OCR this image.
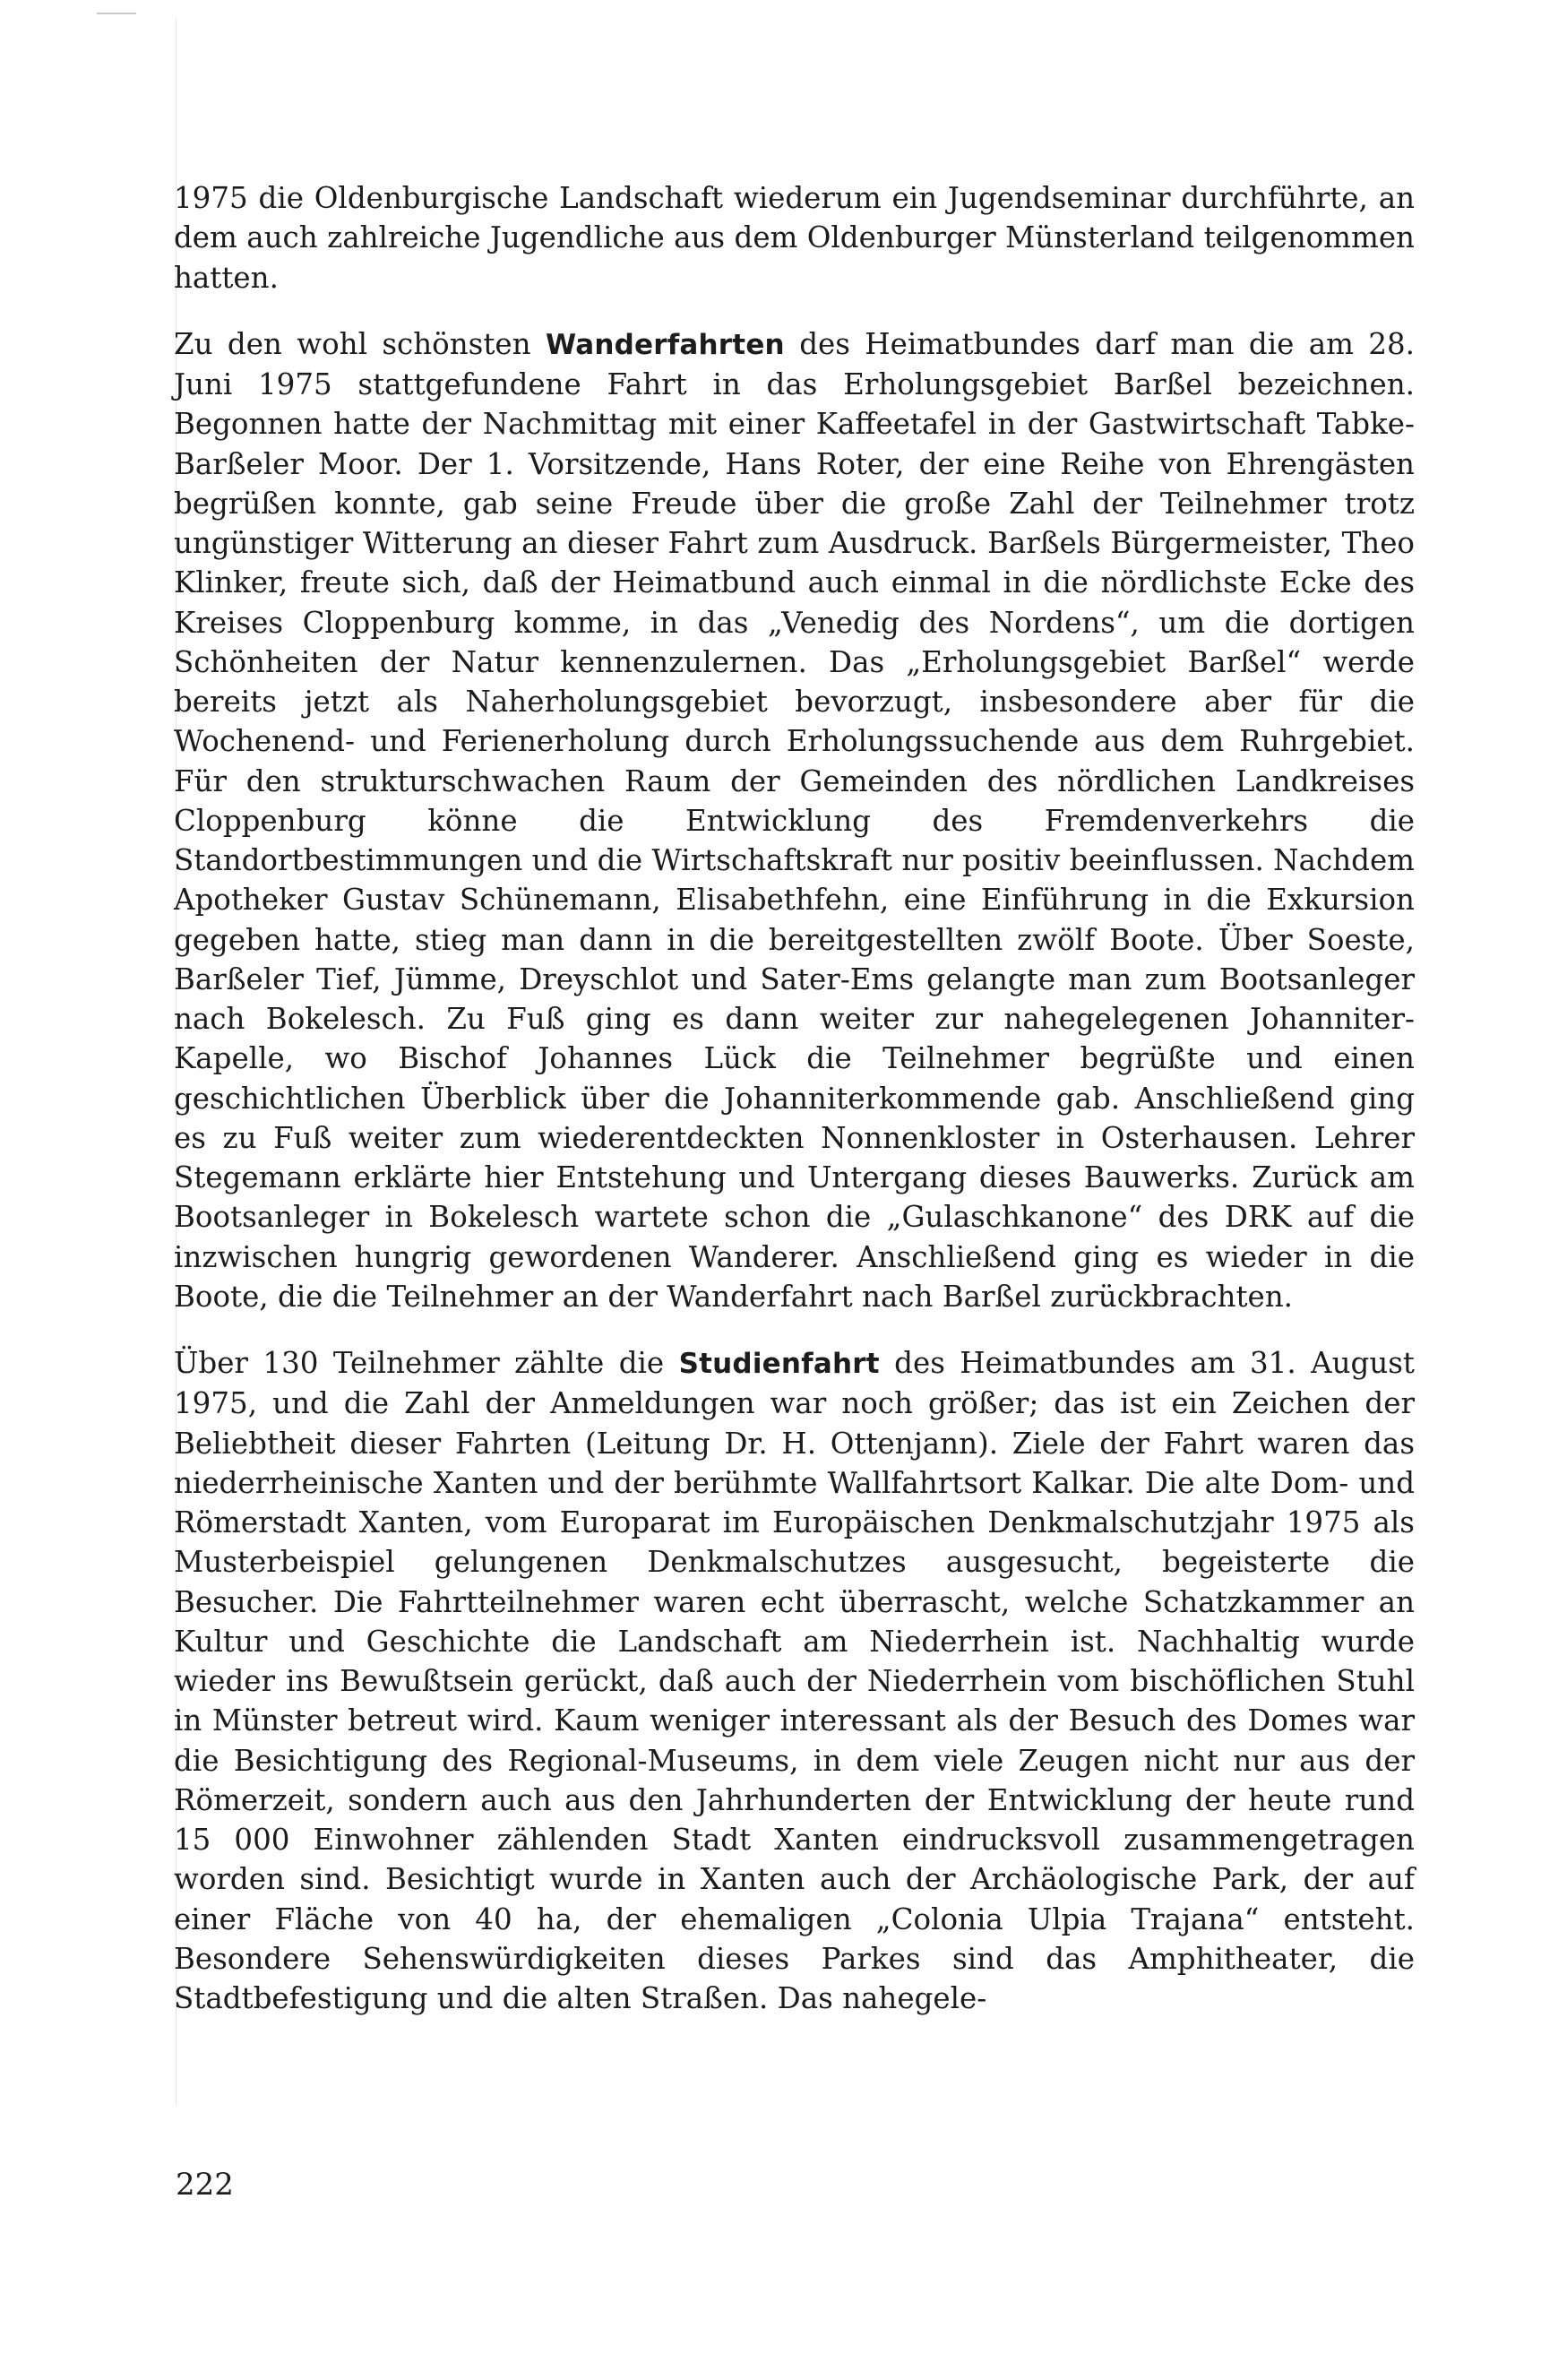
1975 die Oldenburgische Landschaft wiederum ein Jugendseminar durchführte, an dem auch zahlreiche Jugendliche aus dem Oldenburger Münsterland teilgenommen hatten.

Zu den wohl schönsten Wanderfahrten des Heimatbundes darf man die am 28. Juni 1975 stattgefundene Fahrt in das Erholungsgebiet Barßel bezeichnen. Begonnen hatte der Nachmittag mit einer Kaffeetafel in der Gastwirtschaft Tabke-Barßeler Moor. Der 1. Vorsitzende, Hans Roter, der eine Reihe von Ehrengästen begrüßen konnte, gab seine Freude über die große Zahl der Teilnehmer trotz ungünstiger Witterung an dieser Fahrt zum Ausdruck. Barßels Bürgermeister, Theo Klinker, freute sich, daß der Heimatbund auch einmal in die nördlichste Ecke des Kreises Cloppenburg komme, in das „Venedig des Nordens“, um die dortigen Schönheiten der Natur kennenzulernen. Das „Erholungsgebiet Barßel“ werde bereits jetzt als Naherholungsgebiet bevorzugt, insbesondere aber für die Wochenend- und Ferienerholung durch Erholungssuchende aus dem Ruhrgebiet. Für den strukturschwachen Raum der Gemeinden des nördlichen Landkreises Cloppenburg könne die Entwicklung des Fremdenverkehrs die Standortbestimmungen und die Wirtschaftskraft nur positiv beeinflussen. Nachdem Apotheker Gustav Schünemann, Elisabethfehn, eine Einführung in die Exkursion gegeben hatte, stieg man dann in die bereitgestellten zwölf Boote. Über Soeste, Barßeler Tief, Jümme, Dreyschlot und Sater-Ems gelangte man zum Bootsanleger nach Bokelesch. Zu Fuß ging es dann weiter zur nahegelegenen Johanniter-Kapelle, wo Bischof Johannes Lück die Teilnehmer begrüßte und einen geschichtlichen Überblick über die Johanniterkommende gab. Anschließend ging es zu Fuß weiter zum wiederentdeckten Nonnenkloster in Osterhausen. Lehrer Stegemann erklärte hier Entstehung und Untergang dieses Bauwerks. Zurück am Bootsanleger in Bokelesch wartete schon die „Gulaschkanone“ des DRK auf die inzwischen hungrig gewordenen Wanderer. Anschließend ging es wieder in die Boote, die die Teilnehmer an der Wanderfahrt nach Barßel zurückbrachten.

Über 130 Teilnehmer zählte die Studienfahrt des Heimatbundes am 31. August 1975, und die Zahl der Anmeldungen war noch größer; das ist ein Zeichen der Beliebtheit dieser Fahrten (Leitung Dr. H. Ottenjann). Ziele der Fahrt waren das niederrheinische Xanten und der berühmte Wallfahrtsort Kalkar. Die alte Dom- und Römerstadt Xanten, vom Europarat im Europäischen Denkmalschutzjahr 1975 als Musterbeispiel gelungenen Denkmalschutzes ausgesucht, begeisterte die Besucher. Die Fahrtteilnehmer waren echt überrascht, welche Schatzkammer an Kultur und Geschichte die Landschaft am Niederrhein ist. Nachhaltig wurde wieder ins Bewußtsein gerückt, daß auch der Niederrhein vom bischöflichen Stuhl in Münster betreut wird. Kaum weniger interessant als der Besuch des Domes war die Besichtigung des Regional-Museums, in dem viele Zeugen nicht nur aus der Römerzeit, sondern auch aus den Jahrhunderten der Entwicklung der heute rund 15 000 Einwohner zählenden Stadt Xanten eindrucksvoll zusammengetragen worden sind. Besichtigt wurde in Xanten auch der Archäologische Park, der auf einer Fläche von 40 ha, der ehemaligen „Colonia Ulpia Trajana“ entsteht. Besondere Sehenswürdigkeiten dieses Parkes sind das Amphitheater, die Stadtbefestigung und die alten Straßen. Das nahegele-

222
